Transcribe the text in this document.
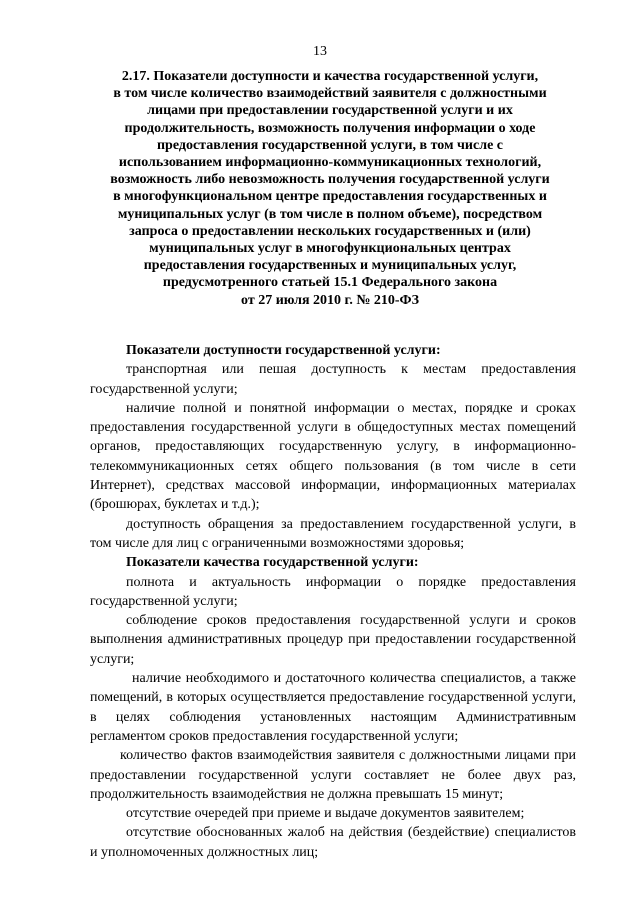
13
2.17. Показатели доступности и качества государственной услуги,
в том числе количество взаимодействий заявителя с должностными
лицами при предоставлении государственной услуги и их
продолжительность, возможность получения информации о ходе
предоставления государственной услуги, в том числе с
использованием информационно-коммуникационных технологий,
возможность либо невозможность получения государственной услуги
в многофункциональном центре предоставления государственных и
муниципальных услуг (в том числе в полном объеме), посредством
запроса о предоставлении нескольких государственных и (или)
муниципальных услуг в многофункциональных центрах
предоставления государственных и муниципальных услуг,
предусмотренного статьей 15.1 Федерального закона
от 27 июля 2010 г. № 210-ФЗ

Показатели доступности государственной услуги:

транспортная или пешая доступность к местам предоставления государственной услуги;

наличие полной и понятной информации о местах, порядке и сроках предоставления государственной услуги в общедоступных местах помещений органов, предоставляющих государственную услугу, в информационно-телекоммуникационных сетях общего пользования (в том числе в сети Интернет), средствах массовой информации, информационных материалах (брошюрах, буклетах и т.д.);

доступность обращения за предоставлением государственной услуги, в том числе для лиц с ограниченными возможностями здоровья;

Показатели качества государственной услуги:

полнота и актуальность информации о порядке предоставления государственной услуги;

соблюдение сроков предоставления государственной услуги и сроков выполнения административных процедур при предоставлении государственной услуги;

наличие необходимого и достаточного количества специалистов, а также помещений, в которых осуществляется предоставление государственной услуги, в целях соблюдения установленных настоящим Административным регламентом сроков предоставления государственной услуги;

количество фактов взаимодействия заявителя с должностными лицами при предоставлении государственной услуги составляет не более двух раз, продолжительность взаимодействия не должна превышать 15 минут;

отсутствие очередей при приеме и выдаче документов заявителем;

отсутствие обоснованных жалоб на действия (бездействие) специалистов и уполномоченных должностных лиц;
